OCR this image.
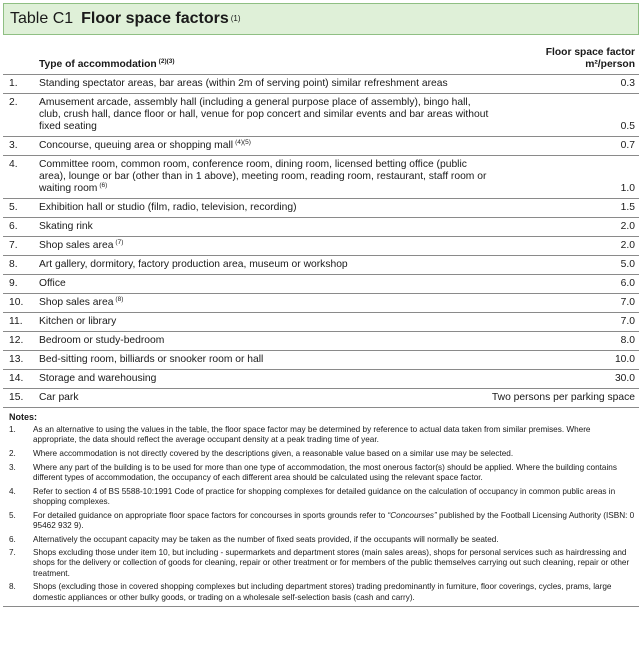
Table C1 Floor space factors (1)
	Type of accommodation $^{(2)(3)}$	Floor space factor
m²/person

1.	Standing spectator areas, bar areas (within 2m of serving point) similar refreshment areas	0.3
2.	Amusement arcade, assembly hall (including a general purpose place of assembly), bingo hall, club, crush hall, dance floor or hall, venue for pop concert and similar events and bar areas without fixed seating	0.5
3.	Concourse, queuing area or shopping mall $^{(4)(5)}$	0.7
4.	Committee room, common room, conference room, dining room, licensed betting office (public area), lounge or bar (other than in 1 above), meeting room, reading room, restaurant, staff room or waiting room $^{(6)}$	1.0
5.	Exhibition hall or studio (film, radio, television, recording)	1.5
6.	Skating rink	2.0
7.	Shop sales area $^{(7)}$	2.0
8.	Art gallery, dormitory, factory production area, museum or workshop	5.0
9.	Office	6.0
10.	Shop sales area $^{(8)}$	7.0
11.	Kitchen or library	7.0
12.	Bedroom or study-bedroom	8.0
13.	Bed-sitting room, billiards or snooker room or hall	10.0
14.	Storage and warehousing	30.0
15.	Car park	Two persons per parking space
Notes:
1.	As an alternative to using the values in the table, the floor space factor may be determined by reference to actual data taken from similar premises. Where appropriate, the data should reflect the average occupant density at a peak trading time of year.
2.	Where accommodation is not directly covered by the descriptions given, a reasonable value based on a similar use may be selected.
3.	Where any part of the building is to be used for more than one type of accommodation, the most onerous factor(s) should be applied. Where the building contains different types of accommodation, the occupancy of each different area should be calculated using the relevant space factor.
4.	Refer to section 4 of BS 5588-10:1991 Code of practice for shopping complexes for detailed guidance on the calculation of occupancy in common public areas in shopping complexes.
5.	For detailed guidance on appropriate floor space factors for concourses in sports grounds refer to “Concourses” published by the Football Licensing Authority (ISBN: 0 95462 932 9).
6.	Alternatively the occupant capacity may be taken as the number of fixed seats provided, if the occupants will normally be seated.
7.	Shops excluding those under item 10, but including - supermarkets and department stores (main sales areas), shops for personal services such as hairdressing and shops for the delivery or collection of goods for cleaning, repair or other treatment or for members of the public themselves carrying out such cleaning, repair or other treatment.
8.	Shops (excluding those in covered shopping complexes but including department stores) trading predominantly in furniture, floor coverings, cycles, prams, large domestic appliances or other bulky goods, or trading on a wholesale self-selection basis (cash and carry).
